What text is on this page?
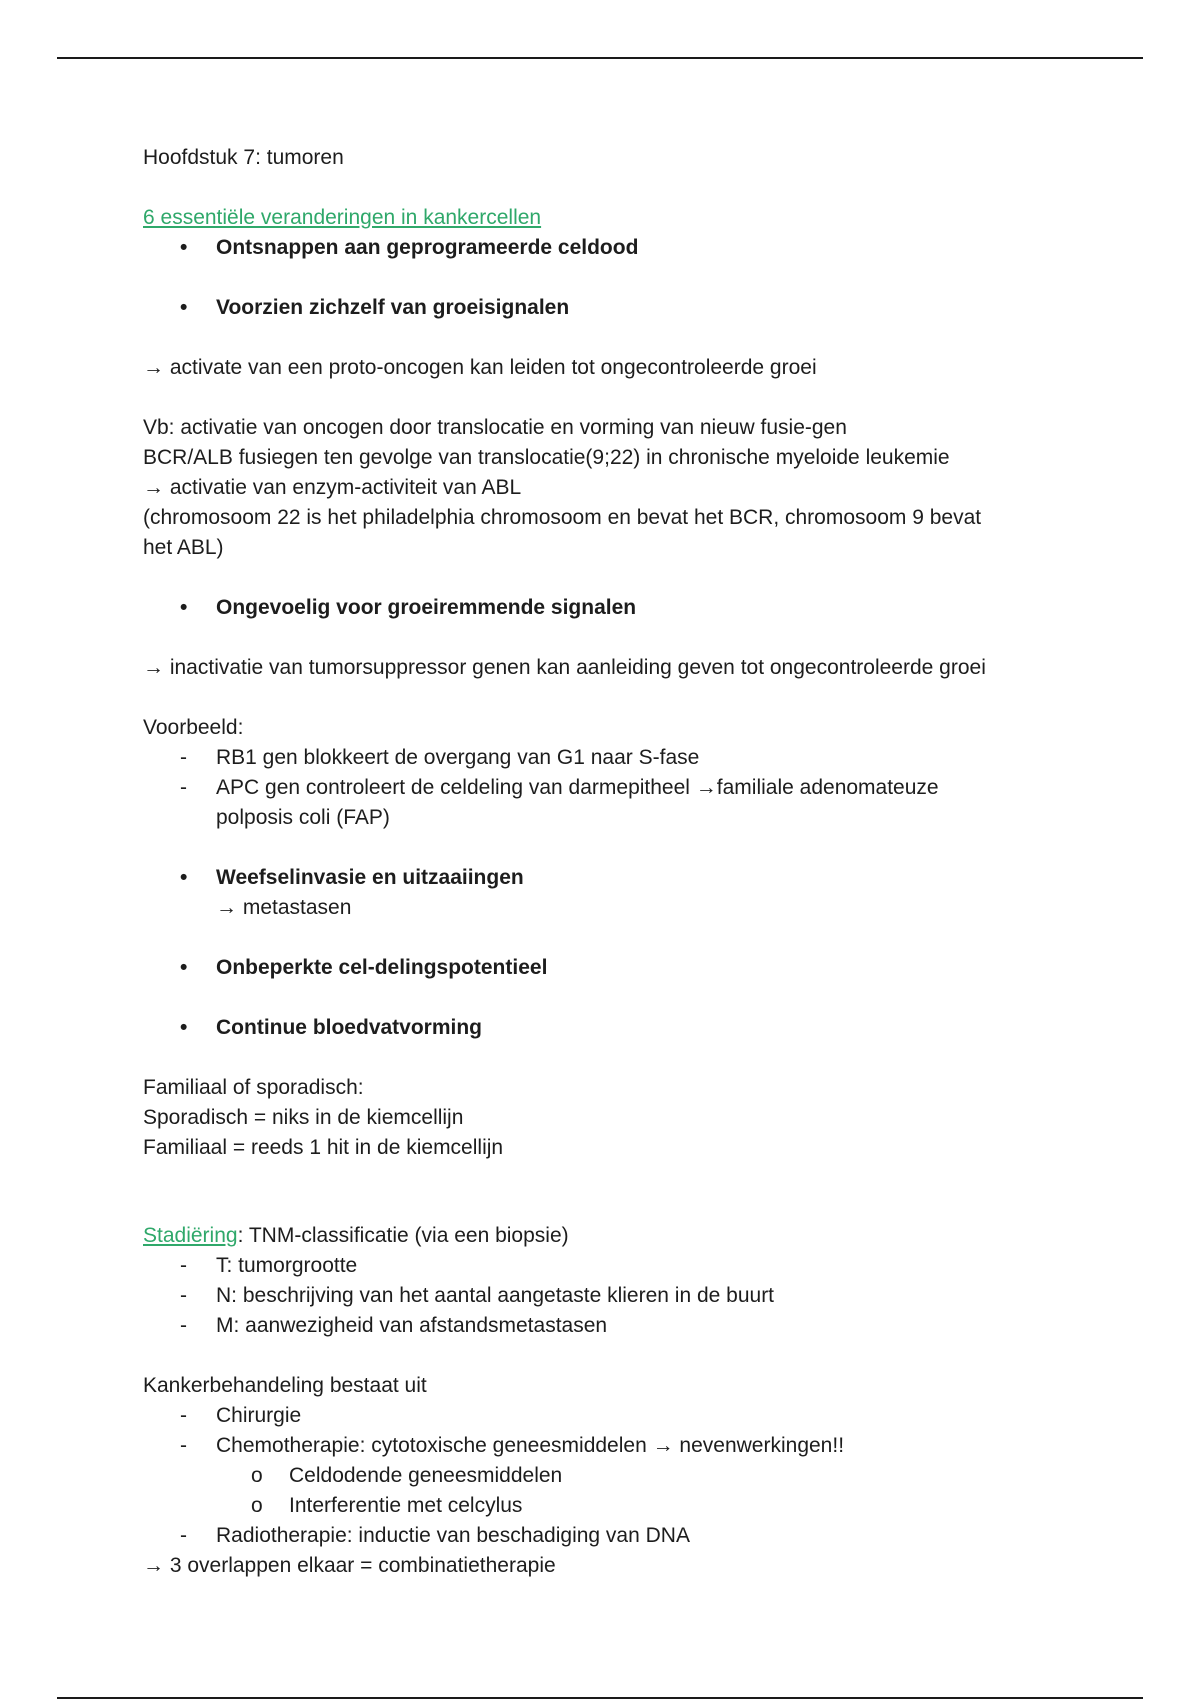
Hoofdstuk 7: tumoren
6 essentiële veranderingen in kankercellen
•	Ontsnappen aan geprogrameerde celdood
•	Voorzien zichzelf van groeisignalen
→ activate van een proto-oncogen kan leiden tot ongecontroleerde groei
Vb: activatie van oncogen door translocatie en vorming van nieuw fusie-gen
BCR/ALB fusiegen ten gevolge van translocatie(9;22) in chronische myeloide leukemie
→ activatie van enzym-activiteit van ABL
(chromosoom 22 is het philadelphia chromosoom en bevat het BCR, chromosoom 9 bevat
het ABL)
•	Ongevoelig voor groeiremmende signalen
→ inactivatie van tumorsuppressor genen kan aanleiding geven tot ongecontroleerde groei
Voorbeeld:
-	RB1 gen blokkeert de overgang van G1 naar S-fase
-	APC gen controleert de celdeling van darmepitheel →familiale adenomateuze
polposis coli (FAP)
•	Weefselinvasie en uitzaaiingen
→ metastasen
•	Onbeperkte cel-delingspotentieel
•	Continue bloedvatvorming
Familiaal of sporadisch:
Sporadisch = niks in de kiemcellijn
Familiaal = reeds 1 hit in de kiemcellijn
Stadiëring: TNM-classificatie (via een biopsie)
-	T: tumorgrootte
-	N: beschrijving van het aantal aangetaste klieren in de buurt
-	M: aanwezigheid van afstandsmetastasen
Kankerbehandeling bestaat uit
-	Chirurgie
-	Chemotherapie: cytotoxische geneesmiddelen → nevenwerkingen!!
o	Celdodende geneesmiddelen
o	Interferentie met celcylus
-	Radiotherapie: inductie van beschadiging van DNA
→ 3 overlappen elkaar = combinatietherapie
